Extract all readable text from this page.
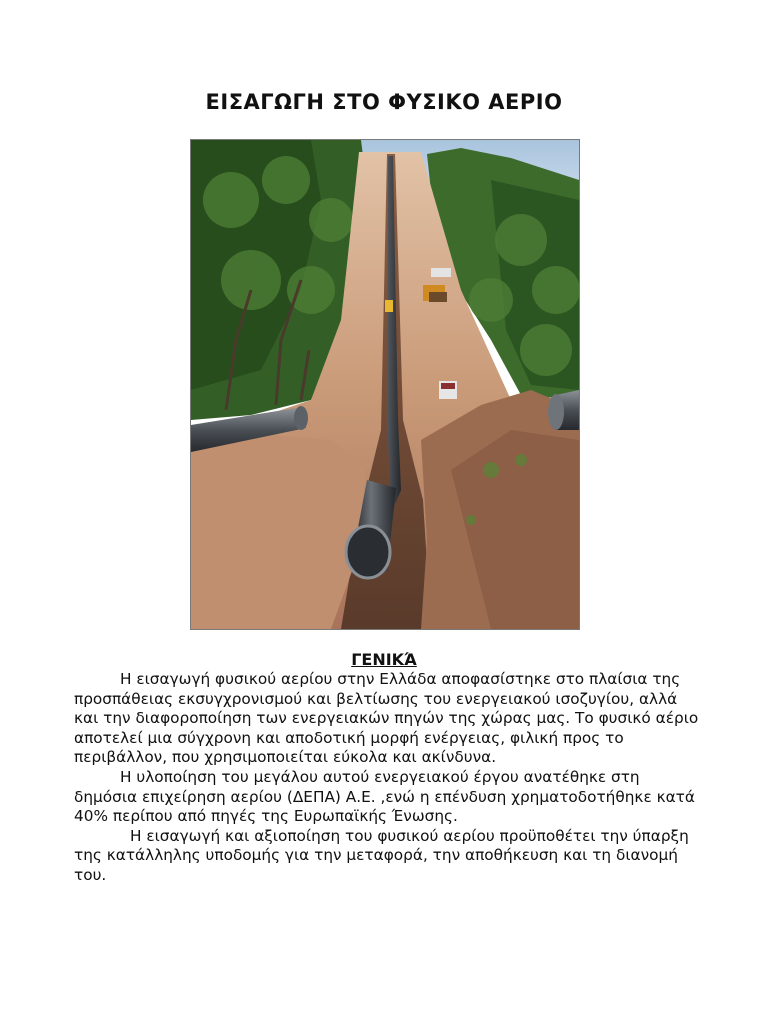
ΕΙΣΑΓΩΓΗ ΣΤΟ ΦΥΣΙΚΟ ΑΕΡΙΟ
ΓΕΝΙΚΆ

Η εισαγωγή φυσικού αερίου στην Ελλάδα αποφασίστηκε στο πλαίσια της προσπάθειας εκσυγχρονισμού και βελτίωσης του ενεργειακού ισοζυγίου, αλλά και την διαφοροποίηση των ενεργειακών πηγών της χώρας μας. Το φυσικό αέριο αποτελεί μια σύγχρονη και αποδοτική μορφή ενέργειας, φιλική προς το περιβάλλον, που χρησιμοποιείται εύκολα και ακίνδυνα.

Η υλοποίηση του μεγάλου αυτού ενεργειακού έργου ανατέθηκε στη δημόσια επιχείρηση αερίου (ΔΕΠΑ) Α.Ε. ,ενώ η επένδυση χρηματοδοτήθηκε κατά 40% περίπου από πηγές της Ευρωπαϊκής Ένωσης.

Η εισαγωγή και αξιοποίηση του φυσικού αερίου προϋποθέτει την ύπαρξη της κατάλληλης υποδομής για την μεταφορά, την αποθήκευση και τη διανομή του.
